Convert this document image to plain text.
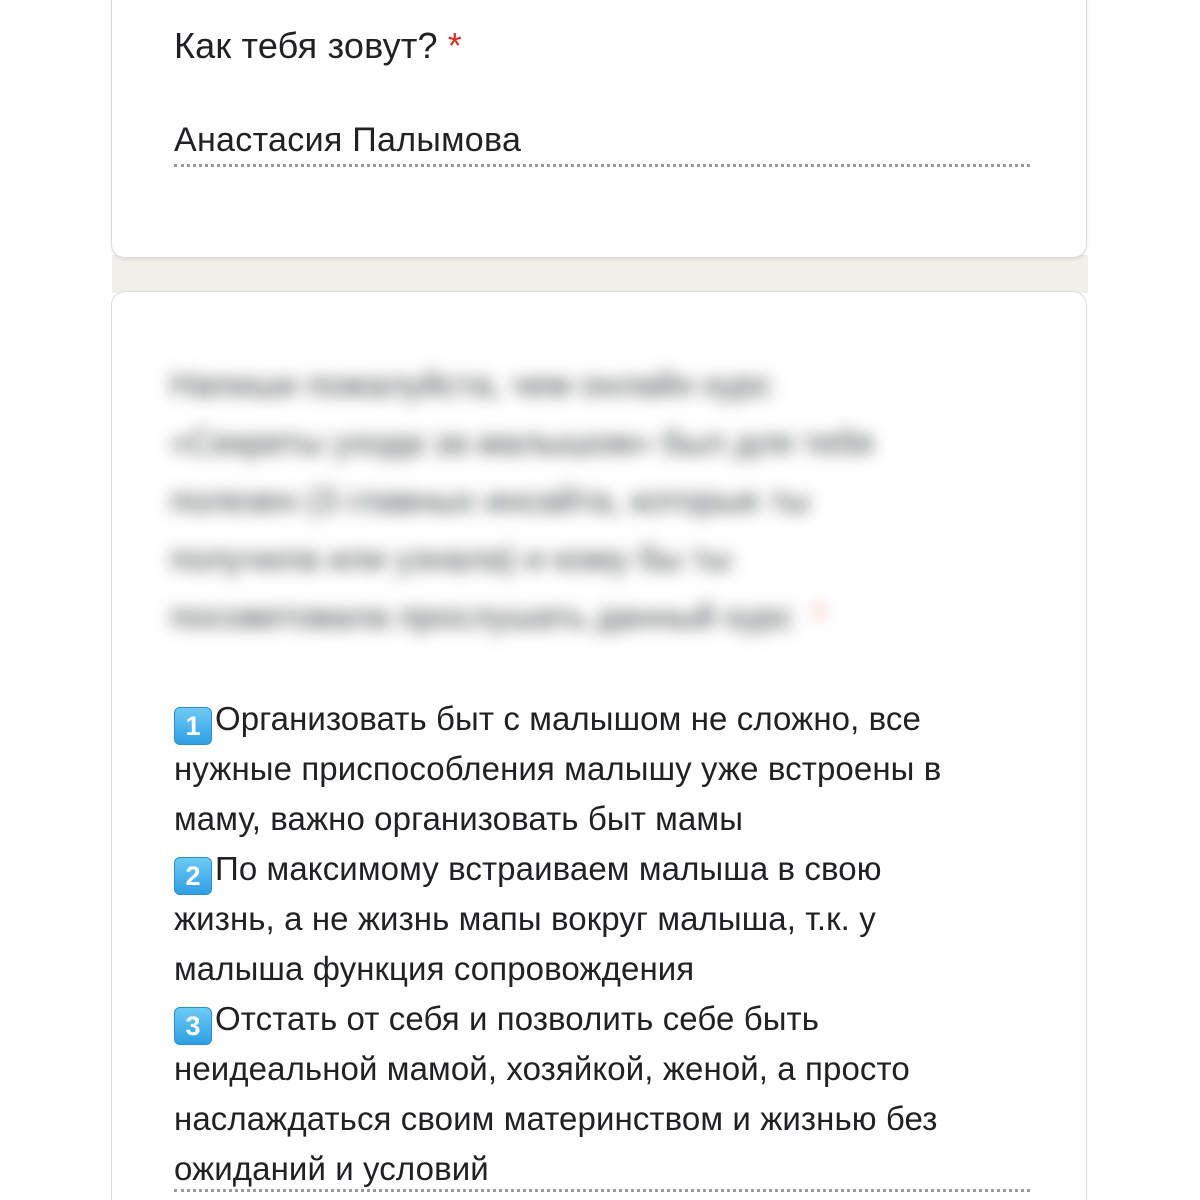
Как тебя зовут? *
Анастасия Палымова
Напиши пожалуйста, чем онлайн курс
«Секреты ухода за малышом» был для тебя
полезен (3 главных инсайта, которые ты
получила или узнала) и кому бы ты
посоветовала прослушать данный курс *
1 Организовать быт с малышом не сложно, все
нужные приспособления малышу уже встроены в
маму, важно организовать быт мамы
2 По максимому встраиваем малыша в свою
жизнь, а не жизнь мапы вокруг малыша, т.к. у
малыша функция сопровождения
3 Отстать от себя и позволить себе быть
неидеальной мамой, хозяйкой, женой, а просто
наслаждаться своим материнством и жизнью без
ожиданий и условий
